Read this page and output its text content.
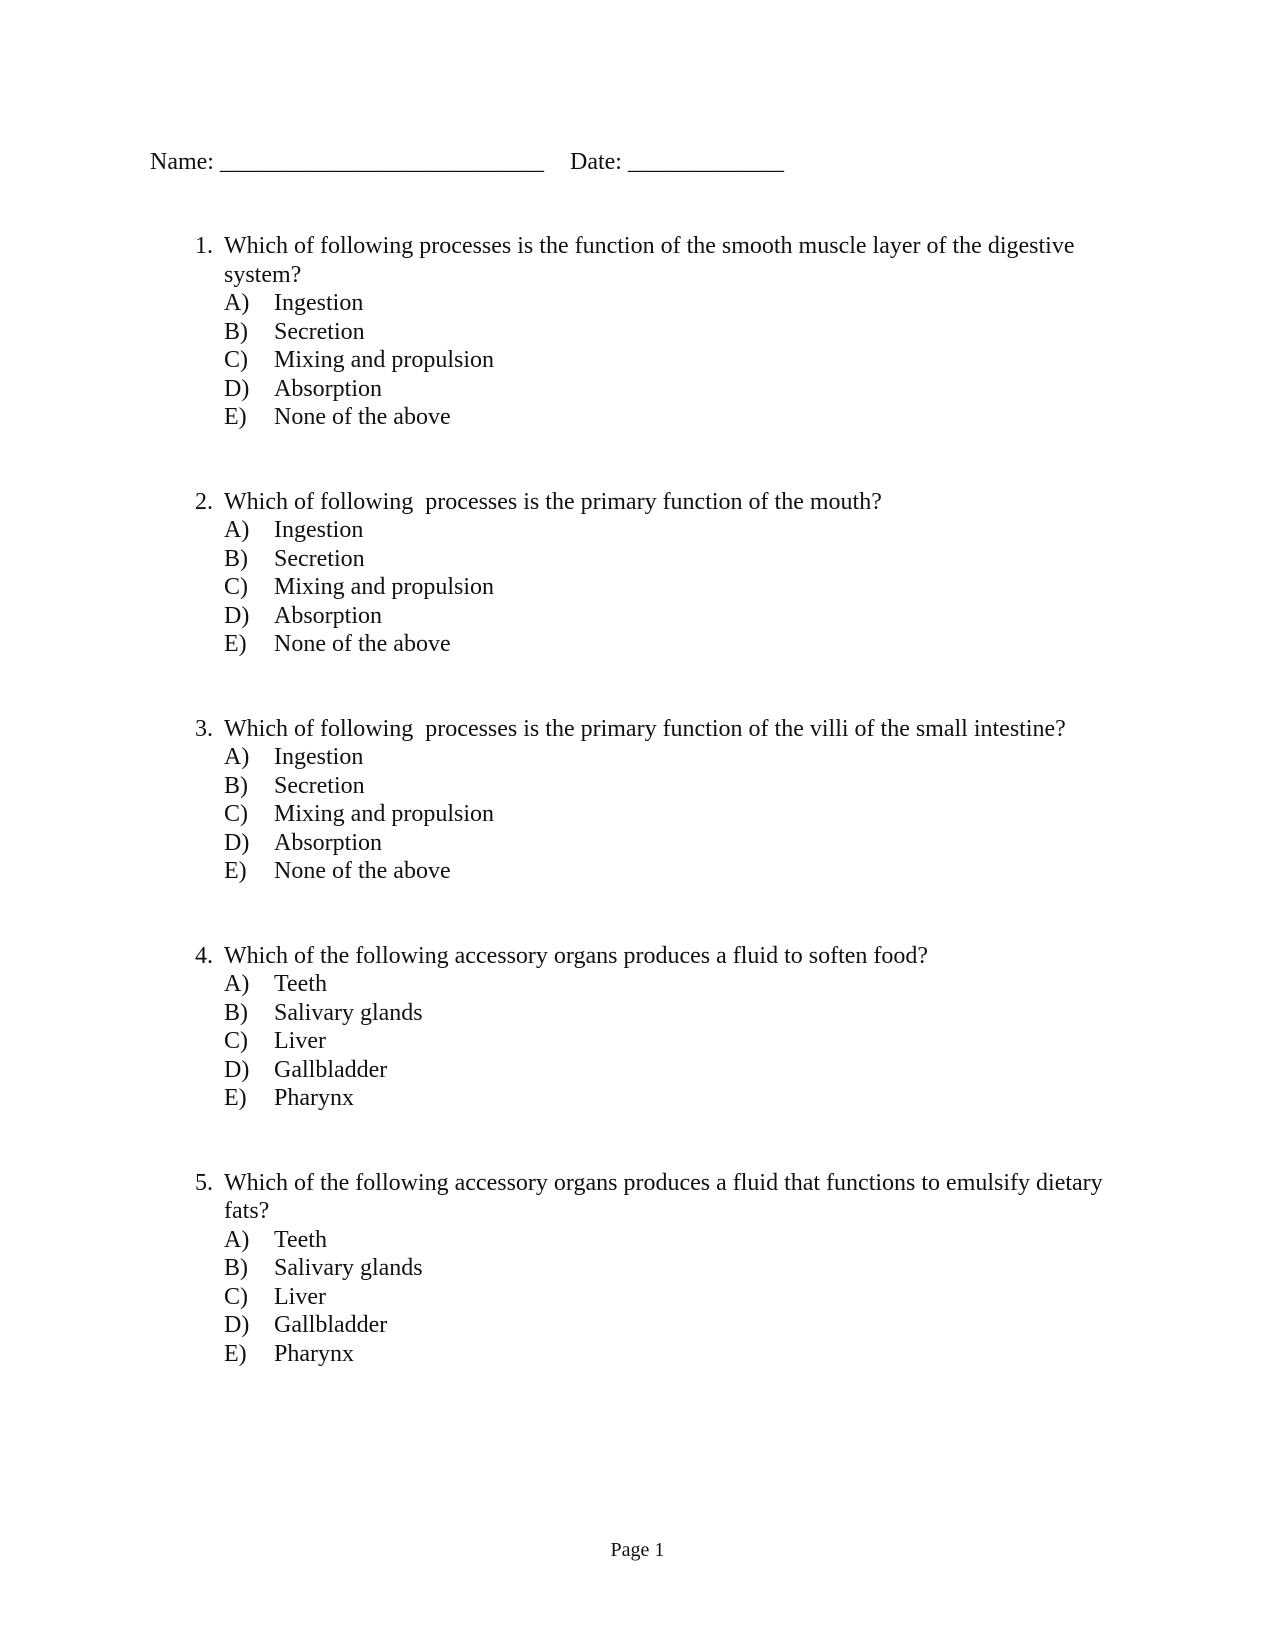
Name: ___________________________ Date: _____________
1. Which of following processes is the function of the smooth muscle layer of the digestive system?
A)	Ingestion
B)	Secretion
C)	Mixing and propulsion
D)	Absorption
E)	None of the above
2. Which of following  processes is the primary function of the mouth?
A)	Ingestion
B)	Secretion
C)	Mixing and propulsion
D)	Absorption
E)	None of the above
3. Which of following  processes is the primary function of the villi of the small intestine?
A)	Ingestion
B)	Secretion
C)	Mixing and propulsion
D)	Absorption
E)	None of the above
4. Which of the following accessory organs produces a fluid to soften food?
A)	Teeth
B)	Salivary glands
C)	Liver
D)	Gallbladder
E)	Pharynx
5. Which of the following accessory organs produces a fluid that functions to emulsify dietary fats?
A)	Teeth
B)	Salivary glands
C)	Liver
D)	Gallbladder
E)	Pharynx
Page 1
